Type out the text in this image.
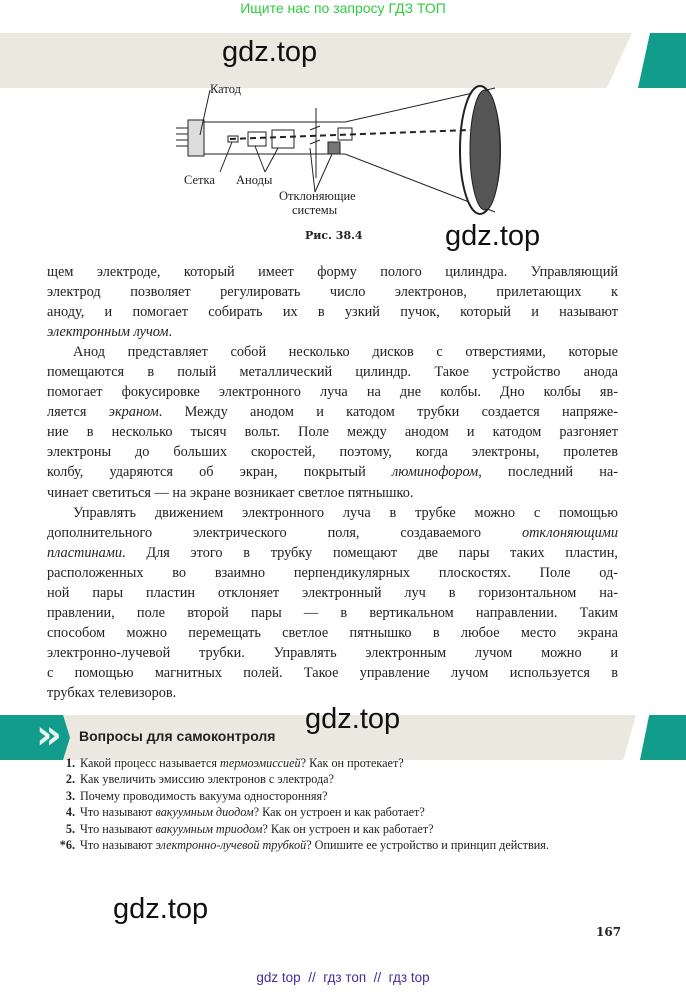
Ищите нас по запросу ГДЗ ТОП
gdz.top
Катод
Сетка Аноды
Отклоняющие
системы
Рис. 38.4	gdz.top
щем электроде, который имеет форму полого цилиндра. Управляющий
электрод позволяет регулировать число электронов, прилетающих к
аноду, и помогает собирать их в узкий пучок, который и называют
электронным лучом.
Анод представляет собой несколько дисков с отверстиями, которые
помещаются в полый металлический цилиндр. Такое устройство анода
помогает фокусировке электронного луча на дне колбы. Дно колбы яв-
ляется экраном. Между анодом и катодом трубки создается напряже-
ние в несколько тысяч вольт. Поле между анодом и катодом разгоняет
электроны до больших скоростей, поэтому, когда электроны, пролетев
колбу, ударяются об экран, покрытый люминофором, последний на-
чинает светиться — на экране возникает светлое пятнышко.
Управлять движением электронного луча в трубке можно с помощью
дополнительного электрического поля, создаваемого отклоняющими
пластинами. Для этого в трубку помещают две пары таких пластин,
расположенных во взаимно перпендикулярных плоскостях. Поле од-
ной пары пластин отклоняет электронный луч в горизонтальном на-
правлении, поле второй пары — в вертикальном направлении. Таким
способом можно перемещать светлое пятнышко в любое место экрана
электронно-лучевой трубки. Управлять электронным лучом можно и
с помощью магнитных полей. Такое управление лучом используется в
трубках телевизоров.
» Вопросы для самоконтроля
gdz.top
1. Какой процесс называется термоэмиссией? Как он протекает?
2. Как увеличить эмиссию электронов с электрода?
3. Почему проводимость вакуума односторонняя?
4. Что называют вакуумным диодом? Как он устроен и как работает?
5. Что называют вакуумным триодом? Как он устроен и как работает?
*6. Что называют электронно-лучевой трубкой? Опишите ее устройство и принцип действия.
gdz.top
167
gdz top  //  гдз топ  //  гдз top
